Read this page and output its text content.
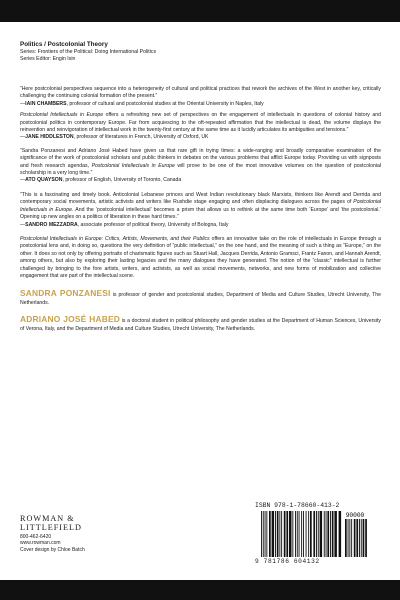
Politics / Postcolonial Theory
Series: Frontiers of the Political: Doing International Politics
Series Editor: Engin Isin

“Here postcolonial perspectives sequence into a heterogeneity of cultural and political practices that rework the archives of the West in another key, critically challenging the continuing colonial formation of the present.”

—IAIN CHAMBERS, professor of cultural and postcolonial studies at the Oriental University in Naples, Italy

Postcolonial Intellectuals in Europe offers a refreshing new set of perspectives on the engagement of intellectuals in questions of colonial history and postcolonial politics in contemporary Europe. Far from acquiescing to the oft-repeated affirmation that the intellectual is dead, the volume displays the reinvention and reinvigoration of intellectual work in the twenty-first century at the same time as it lucidly articulates its ambiguities and tensions.”

—JANE HIDDLESTON, professor of literatures in French, University of Oxford, UK

“Sandra Ponzanesi and Adriano José Habed have given us that rare gift in trying times: a wide-ranging and broadly comparative examination of the significance of the work of postcolonial scholars and public thinkers in debates on the various problems that afflict Europe today. Providing us with signposts and fresh research agendas, Postcolonial Intellectuals in Europe will prove to be one of the most innovative volumes on the question of postcolonial scholarship in a very long time.”

—ATO QUAYSON, professor of English, University of Toronto, Canada

“This is a fascinating and timely book. Anticolonial Lebanese princes and West Indian revolutionary black Marxists, thinkers like Arendt and Derrida and contemporary social movements, artistic activists and writers like Rushdie stage engaging and often displacing dialogues across the pages of Postcolonial Intellectuals in Europe. And the ‘postcolonial intellectual’ becomes a prism that allows us to rethink at the same time both ‘Europe’ and ‘the postcolonial.’ Opening up new angles on a politics of liberation in these hard times.”

—SANDRO MEZZADRA, associate professor of political theory, University of Bologna, Italy

Postcolonial Intellectuals in Europe: Critics, Artists, Movements, and their Publics offers an innovative take on the role of intellectuals in Europe through a postcolonial lens and, in doing so, questions the very definition of “public intellectual,” on the one hand, and the meaning of such a thing as “Europe,” on the other. It does so not only by offering portraits of charismatic figures such as Stuart Hall, Jacques Derrida, Antonio Gramsci, Frantz Fanon, and Hannah Arendt, among others, but also by exploring their lasting legacies and the many dialogues they have generated. The notion of the “classic” intellectual is further challenged by bringing to the fore artists, writers, and activists, as well as social movements, networks, and new forms of mobilization and collective engagement that are part of the intellectual scene.

SANDRA PONZANESI is professor of gender and postcolonial studies, Department of Media and Culture Studies, Utrecht University, The Netherlands.

ADRIANO JOSÉ HABED is a doctoral student in political philosophy and gender studies at the Department of Human Sciences, University of Verona, Italy, and the Department of Media and Culture Studies, Utrecht University, The Netherlands.

ROWMAN &
LITTLEFIELD
800-462-6420
www.rowman.com
Cover design by Chloe Batch
ISBN 978-1-78660-413-2
90000
9 781786 604132
